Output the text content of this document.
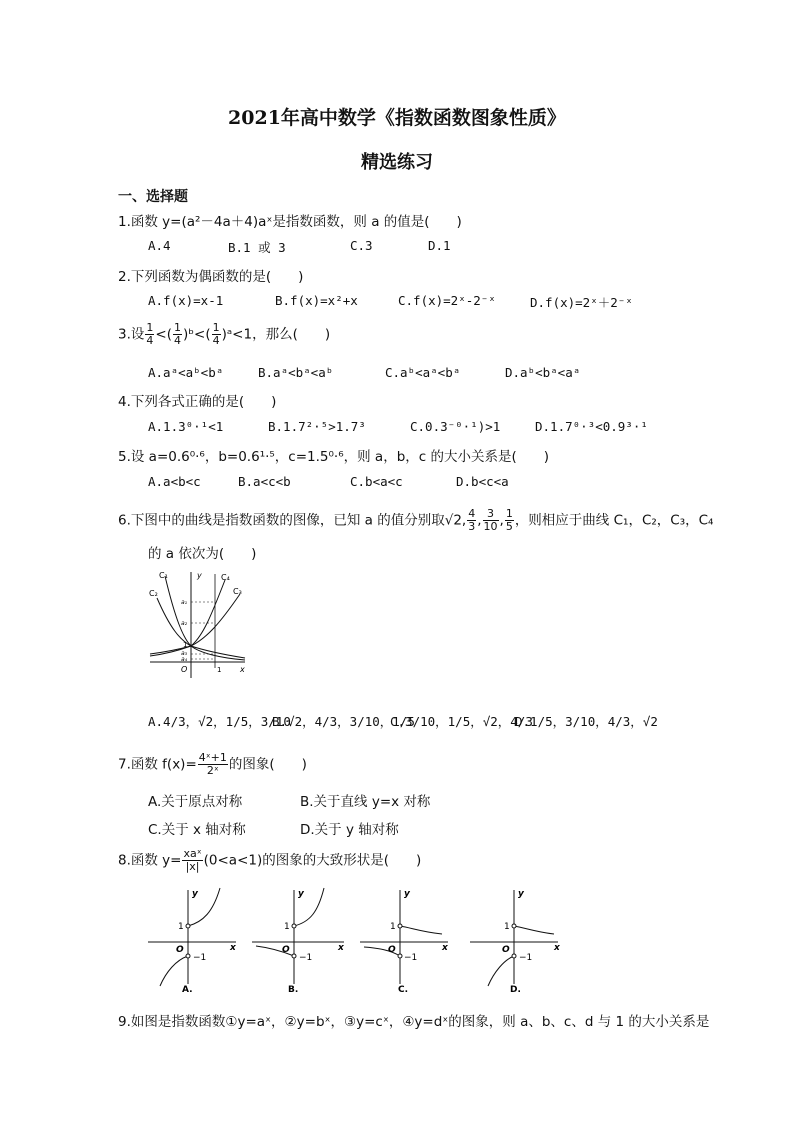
2021年高中数学《指数函数图象性质》
精选练习
一、选择题
1.函数 y=(a²－4a＋4)aˣ是指数函数，则 a 的值是(　　)
A.4	B.1 或 3	C.3	D.1
2.下列函数为偶函数的是(　　)
A.f(x)=x-1	B.f(x)=x²+x	C.f(x)=2ˣ-2⁻ˣ	D.f(x)=2ˣ＋2⁻ˣ
3.设 $\frac{1}{4}$ <( $\frac{1}{4}$ )ᵇ<( $\frac{1}{4}$ )ᵃ<1，那么(　　)
A.aᵃ<aᵇ<bᵃ	B.aᵃ<bᵃ<aᵇ	C.aᵇ<aᵃ<bᵃ	D.aᵇ<bᵃ<aᵃ
4.下列各式正确的是(　　)
A.1.3⁰·¹<1	B.1.7²·⁵>1.7³	C.0.3⁻⁰·¹)>1	D.1.7⁰·³<0.9³·¹
5.设 a=0.6⁰·⁶，b=0.6¹·⁵，c=1.5⁰·⁶，则 a，b，c 的大小关系是(　　)
A.a<b<c	B.a<c<b	C.b<a<c	D.b<c<a
6.下图中的曲线是指数函数的图像，已知 a 的值分别取√2, $\frac{4}{3}$ , $\frac{3}{10}$ , $\frac{1}{5}$ ，则相应于曲线 C₁，C₂，C₃，C₄
的 a 依次为(　　)
C₁
C₂
C₄
C₃
y
x
O	1
1
a₁
a₂
a₃
a₄
A.4/3，√2，1/5，3/10
B.√2，4/3，3/10，1/5
C.3/10，1/5，√2，4/3
D.1/5，3/10，4/3，√2
7.函数 $f(x)= \frac{\text{4ˣ+1}}{\text{2ˣ}}$ 的图象(　　)
A.关于原点对称	B.关于直线 y=x 对称
C.关于 x 轴对称	D.关于 y 轴对称
8.函数 $y= \frac{\text{xaˣ}}{|x|} (0<a<1)$的图象的大致形状是(　　)
y
x
O
1
−1
A.
y
x
O
1
−1
B.
y
x
O
1
−1
C.
y
x
O
1
−1
D.
9.如图是指数函数①y=aˣ，②y=bˣ，③y=cˣ，④y=dˣ的图象，则 a、b、c、d 与 1 的大小关系是
